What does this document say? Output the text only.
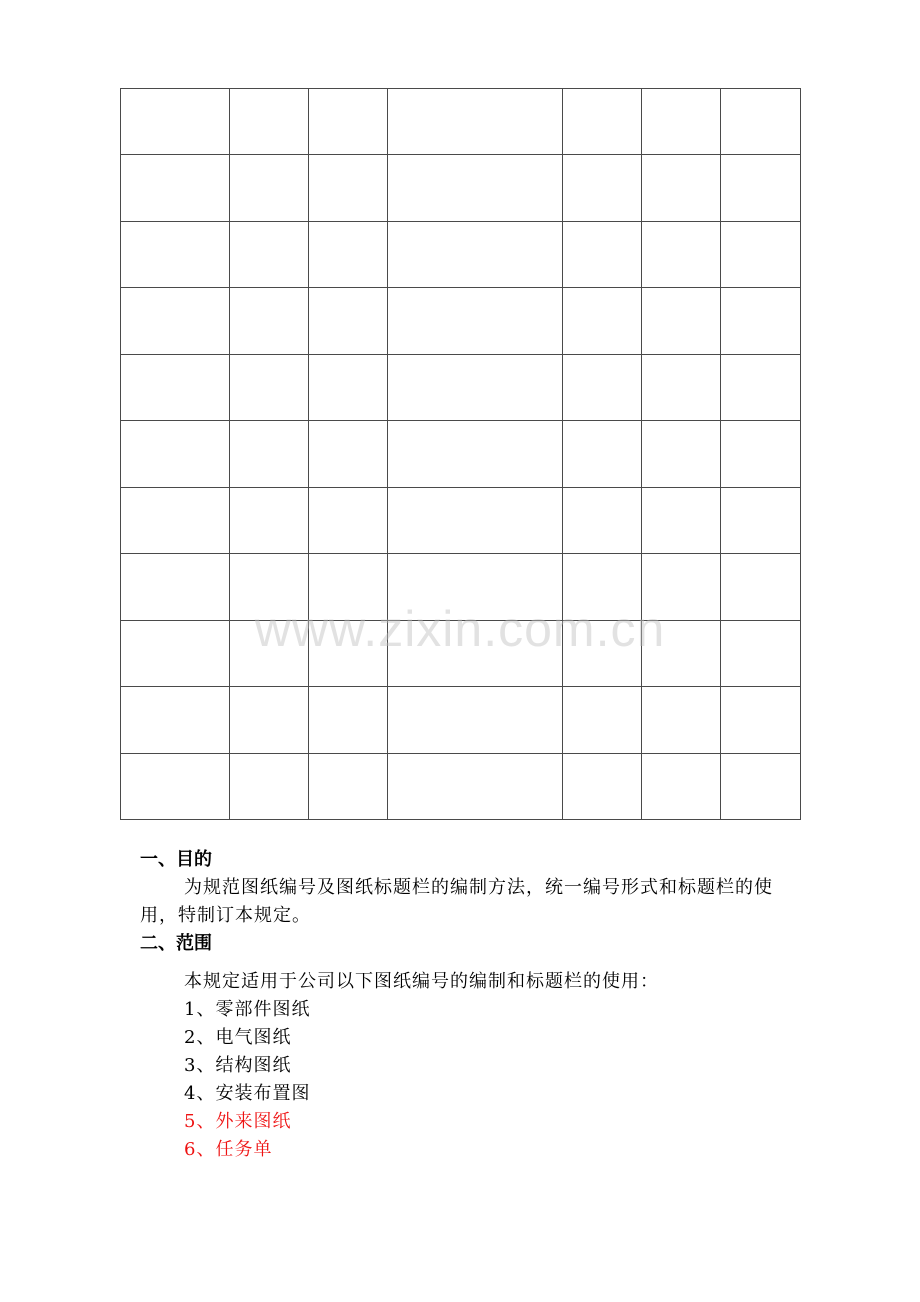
www.zixin.com.cn

一、目的

为规范图纸编号及图纸标题栏的编制方法，统一编号形式和标题栏的使用，特制订本规定。

二、范围

本规定适用于公司以下图纸编号的编制和标题栏的使用：

1、零部件图纸
2、电气图纸
3、结构图纸
4、安装布置图
5、外来图纸
6、任务单
